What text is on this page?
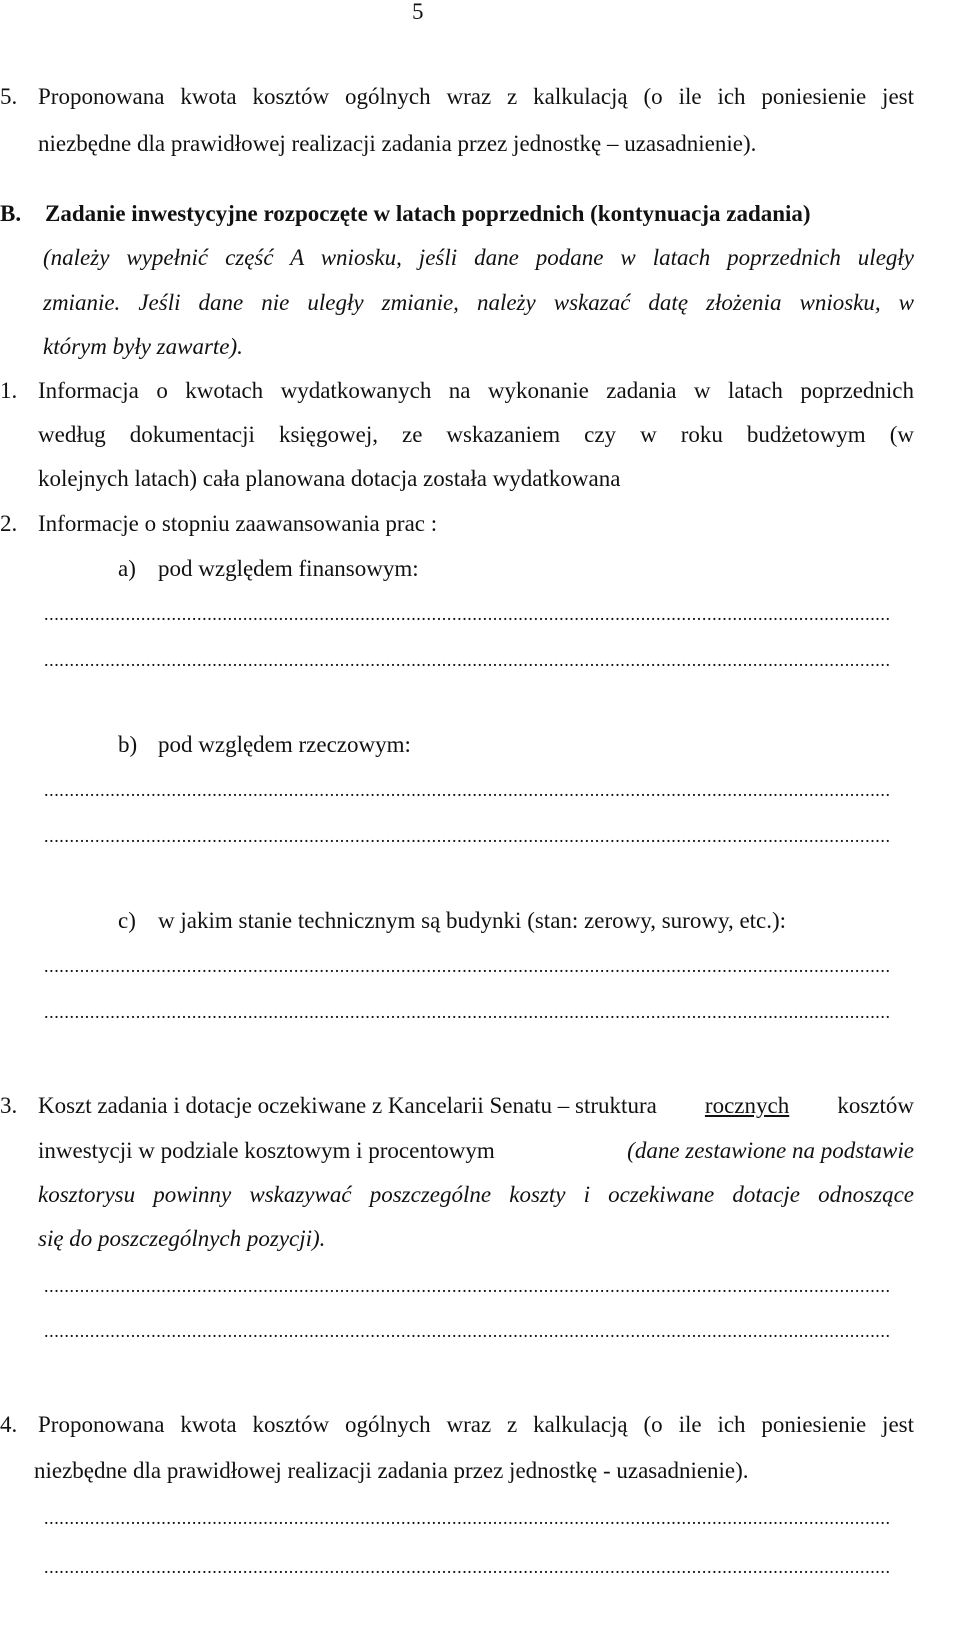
5
5. Proponowana kwota kosztów ogólnych wraz z kalkulacją (o ile ich poniesienie jest
niezbędne dla prawidłowej realizacji zadania przez jednostkę – uzasadnienie).
B. Zadanie inwestycyjne rozpoczęte w latach poprzednich (kontynuacja zadania)
(należy wypełnić część A wniosku, jeśli dane podane w latach poprzednich uległy
zmianie. Jeśli dane nie uległy zmianie, należy wskazać datę złożenia wniosku, w
którym były zawarte).
1. Informacja o kwotach wydatkowanych na wykonanie zadania w latach poprzednich
według dokumentacji księgowej, ze wskazaniem czy w roku budżetowym (w
kolejnych latach) cała planowana dotacja została wydatkowana
2. Informacje o stopniu zaawansowania prac :
a) pod względem finansowym:
......................................................................................................................................................................
......................................................................................................................................................................
b) pod względem rzeczowym:
......................................................................................................................................................................
......................................................................................................................................................................
c) w jakim stanie technicznym są budynki (stan: zerowy, surowy, etc.):
......................................................................................................................................................................
......................................................................................................................................................................
3. Koszt zadania i dotacje oczekiwane z Kancelarii Senatu – struktura rocznych kosztów
inwestycji w podziale kosztowym i procentowym	(dane zestawione na podstawie
kosztorysu powinny wskazywać poszczególne koszty i oczekiwane dotacje odnoszące
się do poszczególnych pozycji).
......................................................................................................................................................................
......................................................................................................................................................................
4. Proponowana kwota kosztów ogólnych wraz z kalkulacją (o ile ich poniesienie jest
niezbędne dla prawidłowej realizacji zadania przez jednostkę - uzasadnienie).
......................................................................................................................................................................
......................................................................................................................................................................
